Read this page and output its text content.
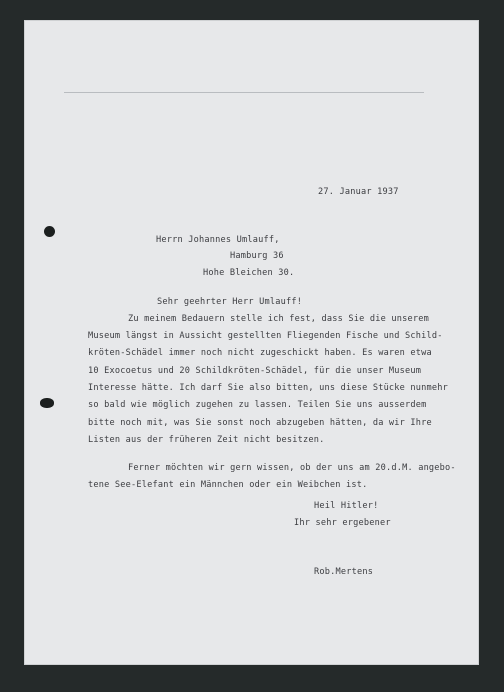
27. Januar 1937
Herrn Johannes Umlauff,
Hamburg 36
Hohe Bleichen 30.
Sehr geehrter Herr Umlauff!
Zu meinem Bedauern stelle ich fest, dass Sie die unserem
Museum längst in Aussicht gestellten Fliegenden Fische und Schild-
kröten-Schädel immer noch nicht zugeschickt haben. Es waren etwa
10 Exocoetus und 20 Schildkröten-Schädel, für die unser Museum
Interesse hätte. Ich darf Sie also bitten, uns diese Stücke nunmehr
so bald wie möglich zugehen zu lassen. Teilen Sie uns ausserdem
bitte noch mit, was Sie sonst noch abzugeben hätten, da wir Ihre
Listen aus der früheren Zeit nicht besitzen.
Ferner möchten wir gern wissen, ob der uns am 20.d.M. angebo-
tene See-Elefant ein Männchen oder ein Weibchen ist.
Heil Hitler!
Ihr sehr ergebener
Rob.Mertens
